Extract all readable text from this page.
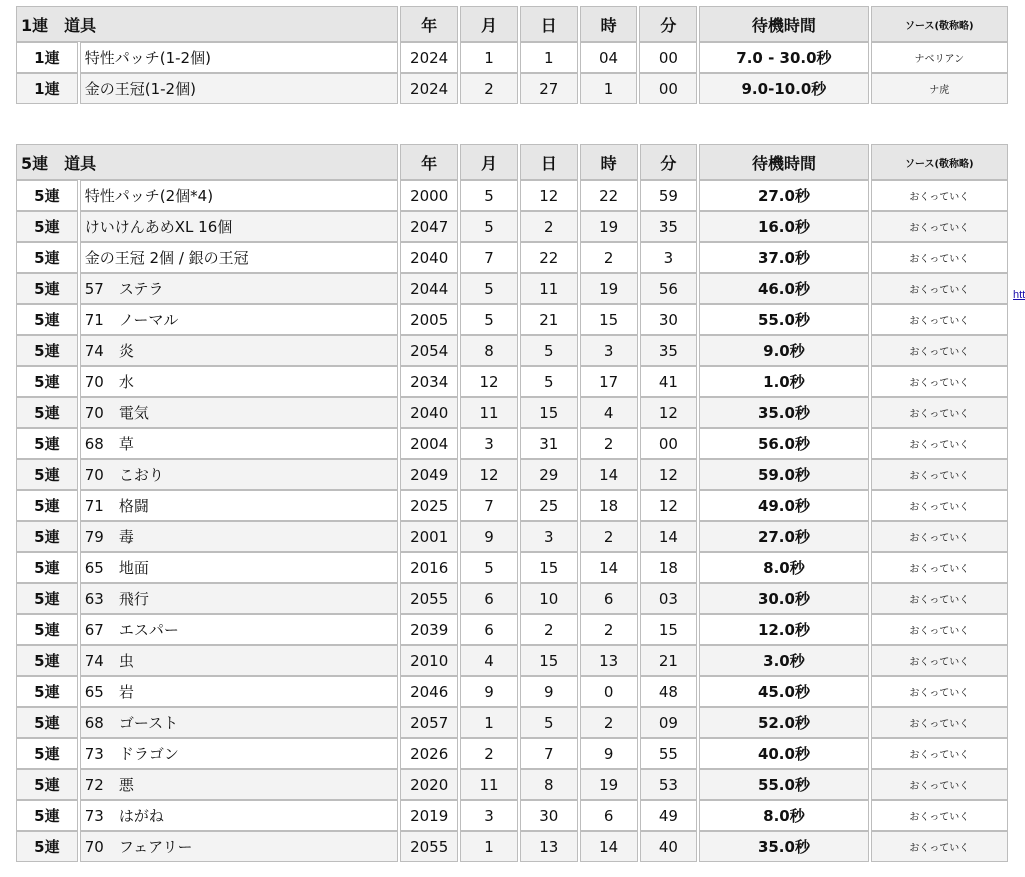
1連　道具		年	月	日	時	分	待機時間	ソース(敬称略)
1連	特性パッチ(1-2個)	2024	1	1	04	00	7.0 - 30.0秒	ナベリアン
1連	金の王冠(1-2個)	2024	2	27	1	00	9.0-10.0秒	ナ虎
5連　道具		年	月	日	時	分	待機時間	ソース(敬称略)
5連	特性パッチ(2個*4)	2000	5	12	22	59	27.0秒	おくっていく
5連	けいけんあめXL 16個	2047	5	2	19	35	16.0秒	おくっていく
5連	金の王冠 2個 / 銀の王冠	2040	7	22	2	3	37.0秒	おくっていく
5連	57　ステラ	2044	5	11	19	56	46.0秒	おくっていく
5連	71　ノーマル	2005	5	21	15	30	55.0秒	おくっていく
5連	74　炎	2054	8	5	3	35	9.0秒	おくっていく
5連	70　水	2034	12	5	17	41	1.0秒	おくっていく
5連	70　電気	2040	11	15	4	12	35.0秒	おくっていく
5連	68　草	2004	3	31	2	00	56.0秒	おくっていく
5連	70　こおり	2049	12	29	14	12	59.0秒	おくっていく
5連	71　格闘	2025	7	25	18	12	49.0秒	おくっていく
5連	79　毒	2001	9	3	2	14	27.0秒	おくっていく
5連	65　地面	2016	5	15	14	18	8.0秒	おくっていく
5連	63　飛行	2055	6	10	6	03	30.0秒	おくっていく
5連	67　エスパー	2039	6	2	2	15	12.0秒	おくっていく
5連	74　虫	2010	4	15	13	21	3.0秒	おくっていく
5連	65　岩	2046	9	9	0	48	45.0秒	おくっていく
5連	68　ゴースト	2057	1	5	2	09	52.0秒	おくっていく
5連	73　ドラゴン	2026	2	7	9	55	40.0秒	おくっていく
5連	72　悪	2020	11	8	19	53	55.0秒	おくっていく
5連	73　はがね	2019	3	30	6	49	8.0秒	おくっていく
5連	70　フェアリー	2055	1	13	14	40	35.0秒	おくっていく
htt
